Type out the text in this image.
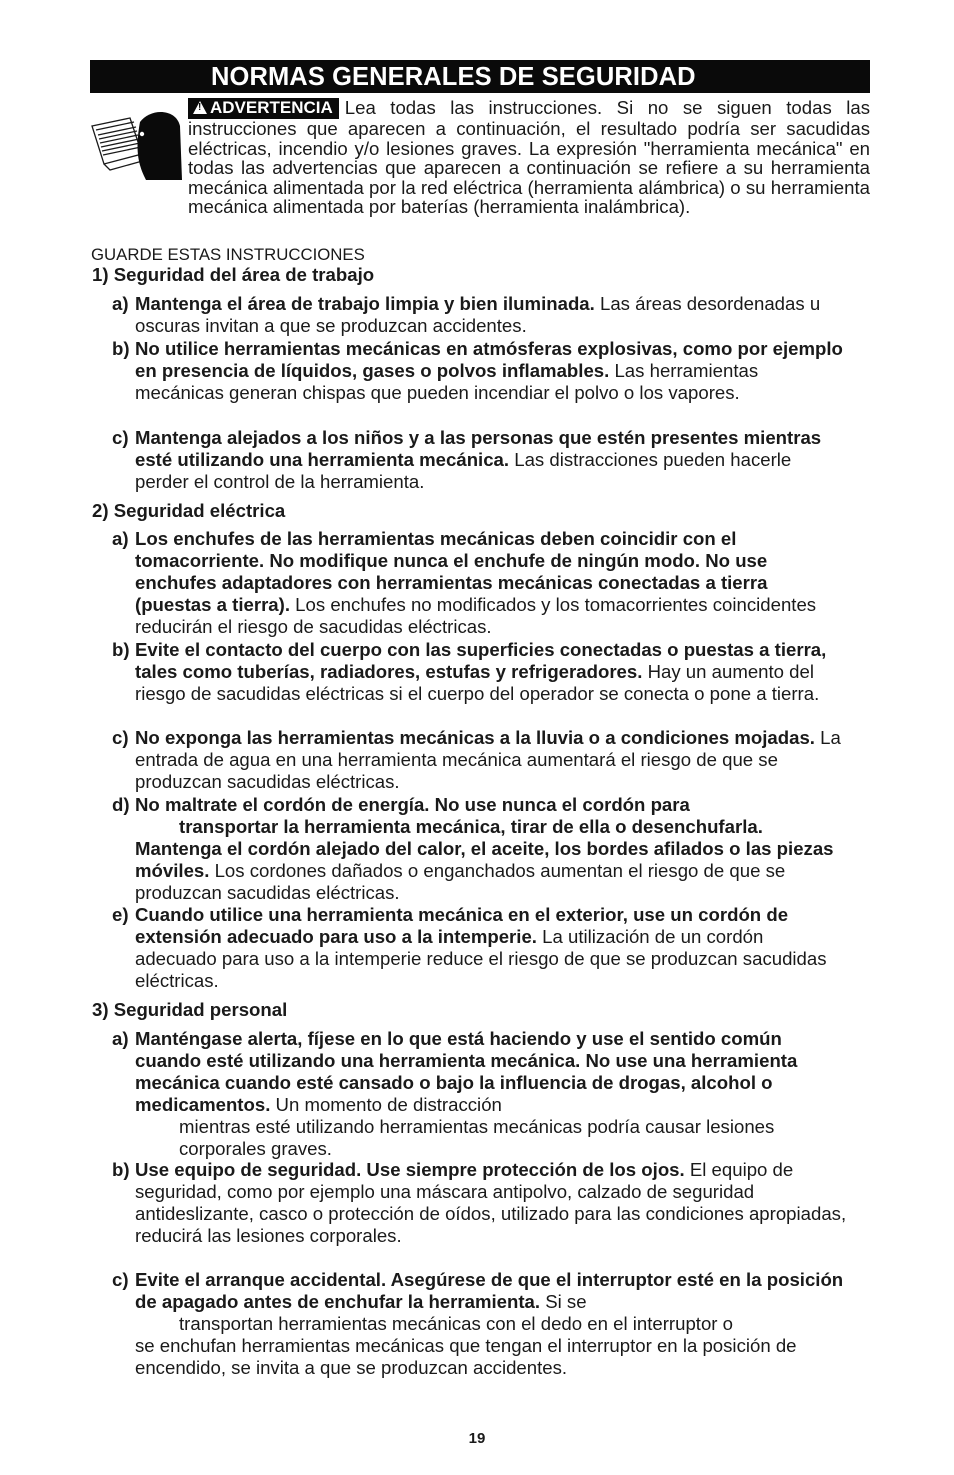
NORMAS GENERALES DE SEGURIDAD
!ADVERTENCIA Lea todas las instrucciones. Si no se siguen todas las instrucciones que aparecen a continuación, el resultado podría ser sacudidas eléctricas, incendio y/o lesiones graves. La expresión "herramienta mecánica" en todas las advertencias que aparecen a continuación se refiere a su herramienta mecánica alimentada por la red eléctrica (herramienta alámbrica) o su herramienta mecánica alimentada por baterías (herramienta inalámbrica).
GUARDE ESTAS INSTRUCCIONES
1) Seguridad del área de trabajo
a) Mantenga el área de trabajo limpia y bien iluminada. Las áreas desordenadas u oscuras invitan a que se produzcan accidentes.
b) No utilice herramientas mecánicas en atmósferas explosivas, como por ejemplo en presencia de líquidos, gases o polvos inflamables. Las herramientas mecánicas generan chispas que pueden incendiar el polvo o los vapores.
c) Mantenga alejados a los niños y a las personas que estén presentes mientras esté utilizando una herramienta mecánica. Las distracciones pueden hacerle perder el control de la herramienta.
2) Seguridad eléctrica
a) Los enchufes de las herramientas mecánicas deben coincidir con el tomacorriente. No modifique nunca el enchufe de ningún modo. No use enchufes adaptadores con herramientas mecánicas conectadas a tierra (puestas a tierra). Los enchufes no modificados y los tomacorrientes coincidentes reducirán el riesgo de sacudidas eléctricas.
b) Evite el contacto del cuerpo con las superficies conectadas o puestas a tierra, tales como tuberías, radiadores, estufas y refrigeradores. Hay un aumento del riesgo de sacudidas eléctricas si el cuerpo del operador se conecta o pone a tierra.
c) No exponga las herramientas mecánicas a la lluvia o a condiciones mojadas. La entrada de agua en una herramienta mecánica aumentará el riesgo de que se produzcan sacudidas eléctricas.
d) No maltrate el cordón de energía. No use nunca el cordón para
transportar la herramienta mecánica, tirar de ella o desenchufarla.
Mantenga el cordón alejado del calor, el aceite, los bordes afilados o las piezas móviles. Los cordones dañados o enganchados aumentan el riesgo de que se produzcan sacudidas eléctricas.
e) Cuando utilice una herramienta mecánica en el exterior, use un cordón de extensión adecuado para uso a la intemperie. La utilización de un cordón adecuado para uso a la intemperie reduce el riesgo de que se produzcan sacudidas eléctricas.
3) Seguridad personal
a) Manténgase alerta, fíjese en lo que está haciendo y use el sentido común cuando esté utilizando una herramienta mecánica. No use una herramienta mecánica cuando esté cansado o bajo la influencia de drogas, alcohol o medicamentos. Un momento de distracción
mientras esté utilizando herramientas mecánicas podría causar lesiones corporales graves.
b) Use equipo de seguridad. Use siempre protección de los ojos. El equipo de seguridad, como por ejemplo una máscara antipolvo, calzado de seguridad antideslizante, casco o protección de oídos, utilizado para las condiciones apropiadas, reducirá las lesiones corporales.
c) Evite el arranque accidental. Asegúrese de que el interruptor esté en la posición de apagado antes de enchufar la herramienta. Si se
transportan herramientas mecánicas con el dedo en el interruptor o
se enchufan herramientas mecánicas que tengan el interruptor en la posición de encendido, se invita a que se produzcan accidentes.
19
